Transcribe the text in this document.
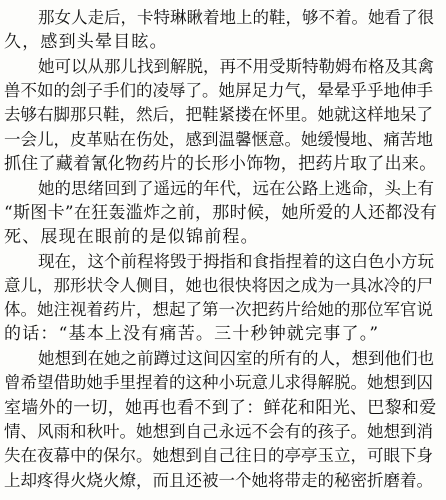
那女人走后，卡特琳瞅着地上的鞋，够不着。她看了很
久，感到头晕目眩。
她可以从那儿找到解脱，再不用受斯特勒姆布格及其禽
兽不如的刽子手们的凌辱了。她屏足力气，晕晕乎乎地伸手
去够右脚那只鞋，然后，把鞋紧搂在怀里。她就这样地呆了
一会儿，皮革贴在伤处，感到温馨惬意。她缓慢地、痛苦地
抓住了藏着氰化物药片的长形小饰物，把药片取了出来。
她的思绪回到了遥远的年代，远在公路上逃命，头上有
“斯图卡”在狂轰滥炸之前，那时候，她所爱的人还都没有
死、展现在眼前的是似锦前程。
现在，这个前程将毁于拇指和食指捏着的这白色小方玩
意儿，那形状令人侧目，她也很快将因之成为一具冰冷的尸
体。她注视着药片，想起了第一次把药片给她的那位军官说
的话：“基本上没有痛苦。三十秒钟就完事了。”
她想到在她之前蹲过这间囚室的所有的人，想到他们也
曾希望借助她手里捏着的这种小玩意儿求得解脱。她想到囚
室墙外的一切，她再也看不到了：鲜花和阳光、巴黎和爱
情、风雨和秋叶。她想到自己永远不会有的孩子。她想到消
失在夜幕中的保尔。她想到自己往日的亭亭玉立，可眼下身
上却疼得火烧火燎，而且还被一个她将带走的秘密折磨着。
